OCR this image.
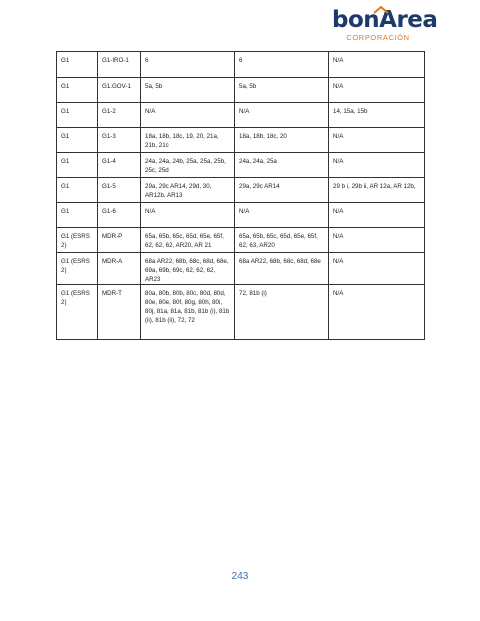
bonArea
CORPORACIÓN
G1	G1-IRO-1	6	6	N/A
G1	G1.GOV-1	5a, 5b	5a, 5b	N/A
G1	G1-2	N/A	N/A	14, 15a, 15b
G1	G1-3	18a, 18b, 18c, 19, 20, 21a, 21b, 21c	18a, 18b, 18c, 20	N/A
G1	G1-4	24a, 24a, 24b, 25a, 25a, 25b, 25c, 25d	24a, 24a, 25a	N/A
G1	G1-5	29a, 29c AR14, 29d, 30, AR12b, AR13	29a, 29c AR14	29 b i, 29b ii, AR 12a, AR 12b,
G1	G1-6	N/A	N/A	N/A
G1 (ESRS 2)	MDR-P	65a, 65b, 65c, 65d, 65e, 65f, 62, 62, 62, AR20, AR 21	65a, 65b, 65c, 65d, 65e, 65f, 62, 63, AR20	N/A
G1 (ESRS 2)	MDR-A	68a AR22, 68b, 68c, 68d, 68e, 69a, 69b, 69c, 62, 62, 62, AR23	68a AR22, 68b, 68c, 68d, 68e	N/A
G1 (ESRS 2)	MDR-T	80a, 80b, 80b, 80c, 80d, 80d, 80e, 80e, 80f, 80g, 80h, 80i, 80j, 81a, 81a, 81b, 81b (i), 81b (ii), 81b (ii), 72, 72	72, 81b (i)	N/A
243
